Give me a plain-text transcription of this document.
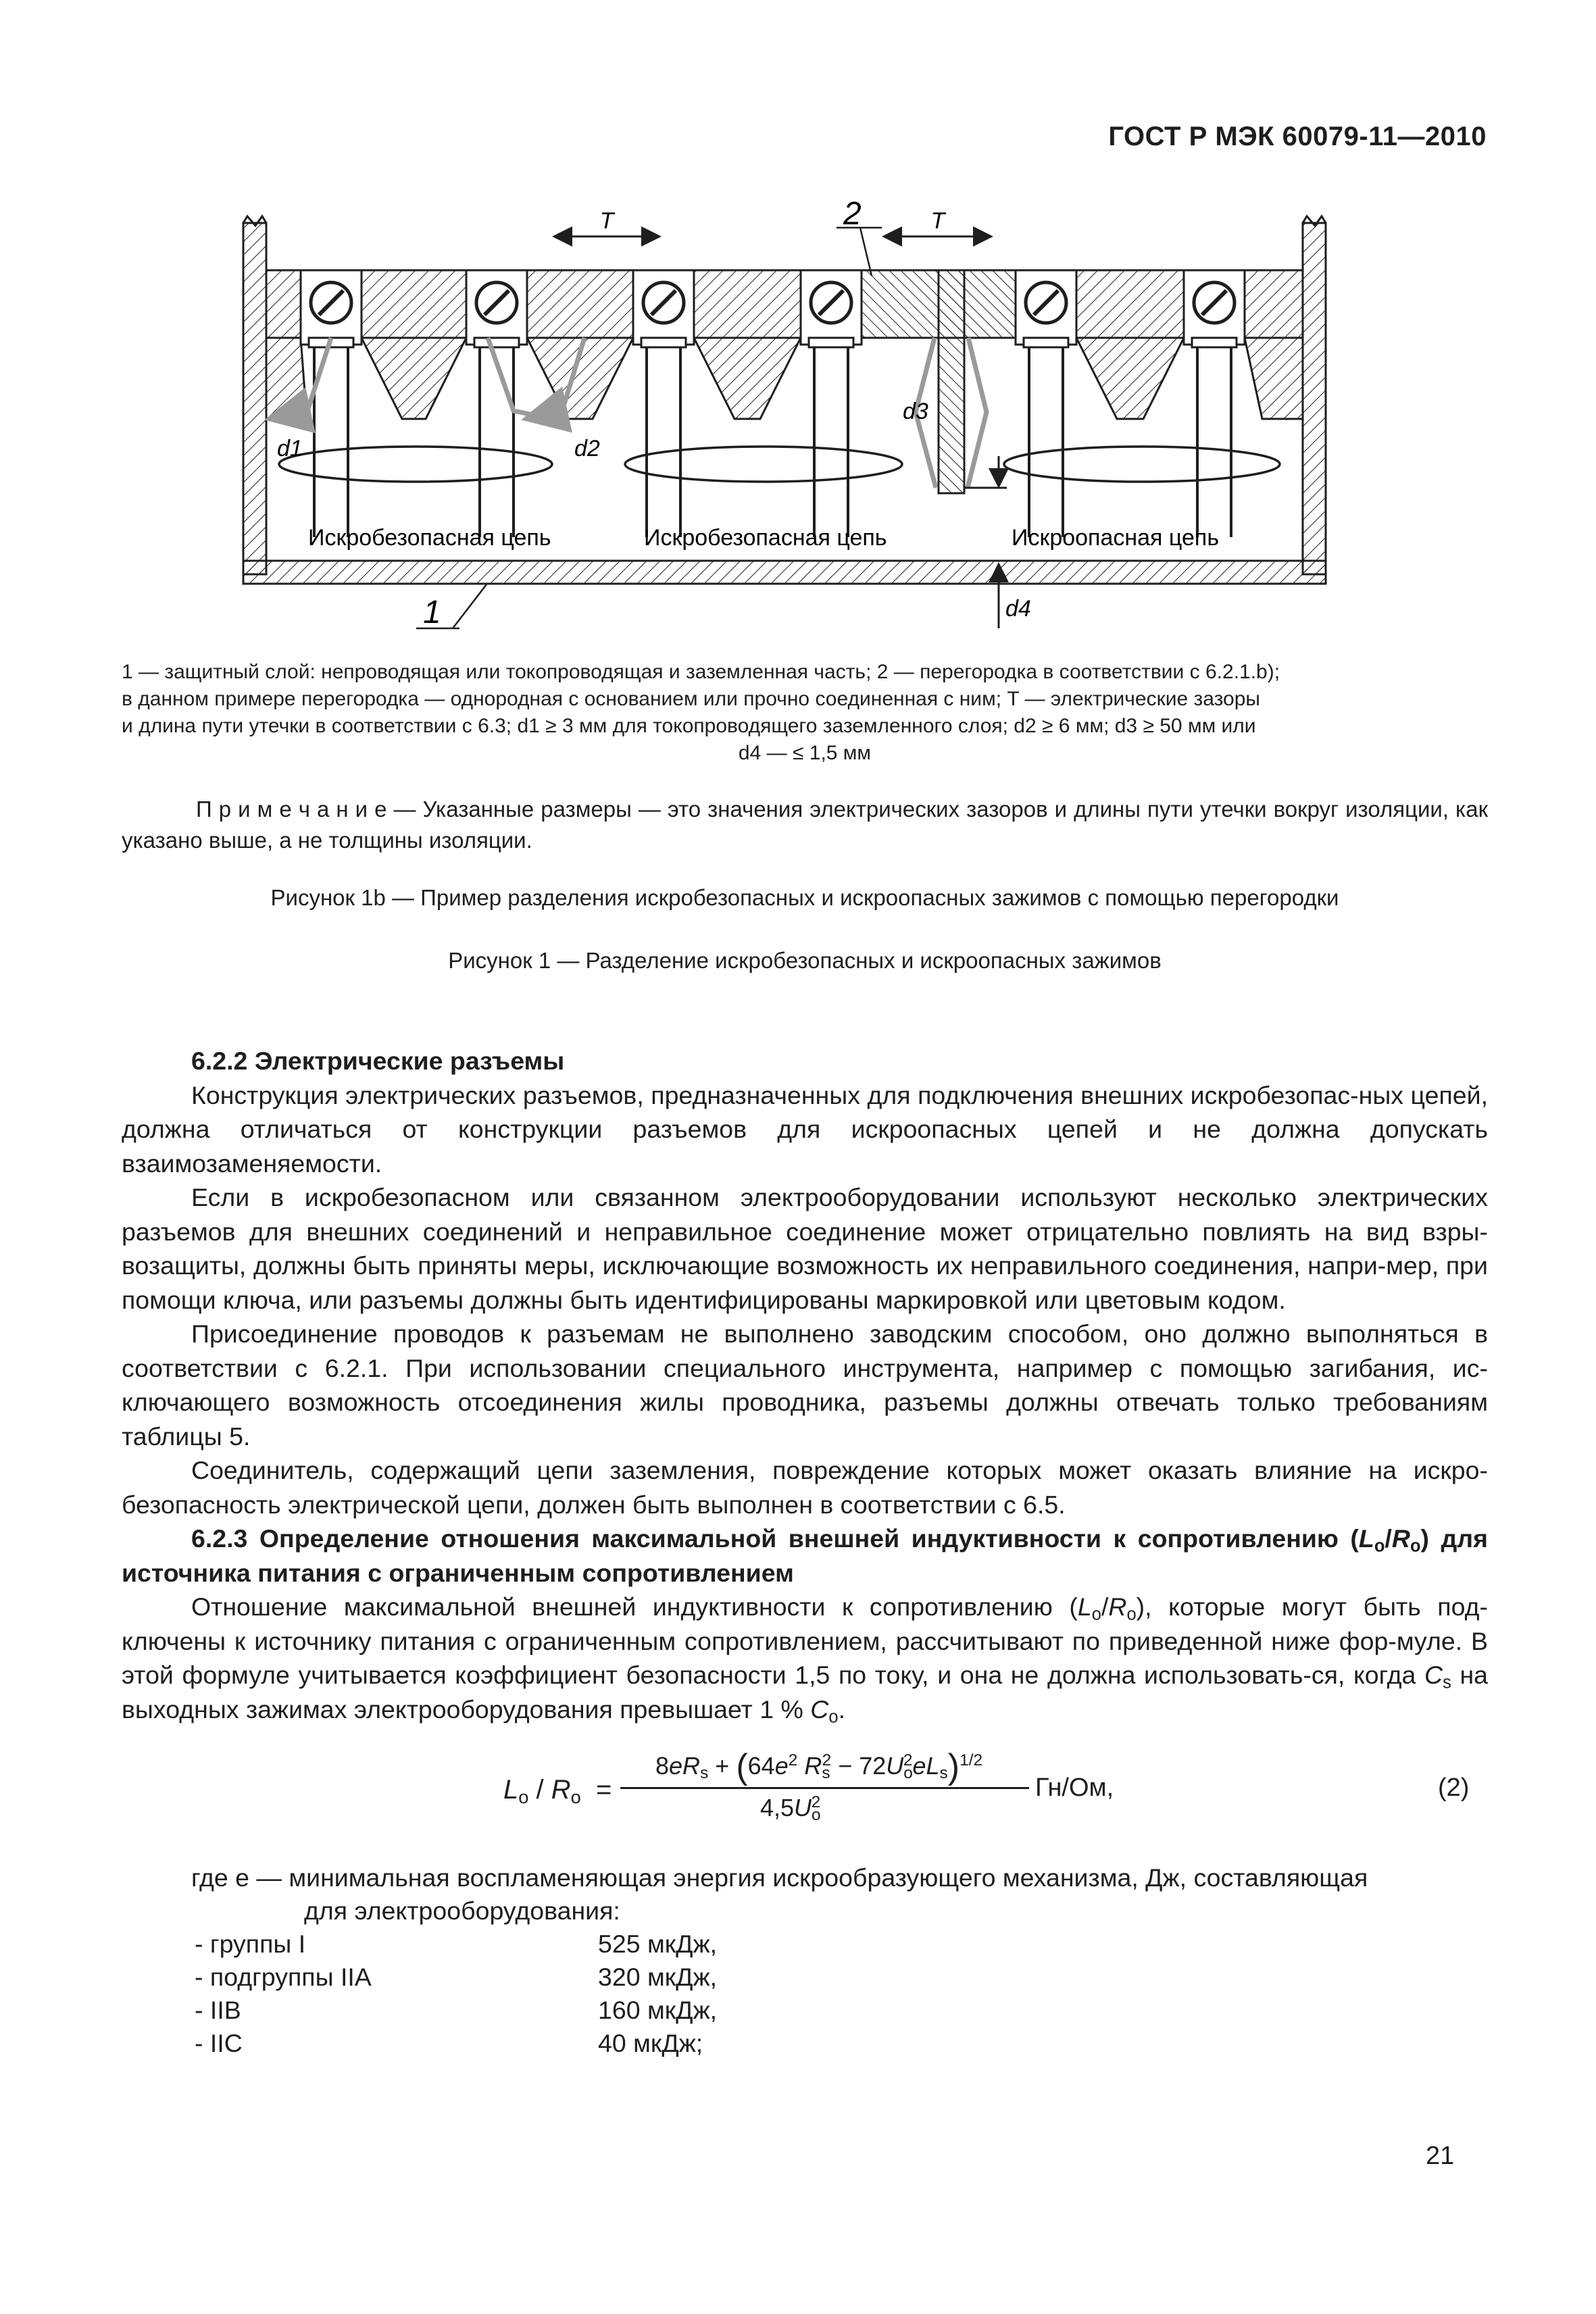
ГОСТ Р МЭК 60079-11—2010
T	T
2
1
d1	d2
d3
d4
Искробезопасная цепь	Искробезопасная цепь	Искроопасная цепь

1 — защитный слой: непроводящая или токопроводящая и заземленная часть; 2 — перегородка в соответствии с 6.2.1.b);

в данном примере перегородка — однородная с основанием или прочно соединенная с ним; T — электрические зазоры

и длина пути утечки в соответствии с 6.3; d1 ≥ 3 мм для токопроводящего заземленного слоя; d2 ≥ 6 мм; d3 ≥ 50 мм или

d4 — ≤ 1,5 мм

П р и м е ч а н и е — Указанные размеры — это значения электрических зазоров и длины пути утечки вокруг изоляции, как указано выше, а не толщины изоляции.

Рисунок 1b — Пример разделения искробезопасных и искроопасных зажимов с помощью перегородки
Рисунок 1 — Разделение искробезопасных и искроопасных зажимов

6.2.2 Электрические разъемы

Конструкция электрических разъемов, предназначенных для подключения внешних искробезопас-ных цепей, должна отличаться от конструкции разъемов для искроопасных цепей и не должна допускать взаимозаменяемости.

Если в искробезопасном или связанном электрооборудовании используют несколько электрических разъемов для внешних соединений и неправильное соединение может отрицательно повлиять на вид взры-возащиты, должны быть приняты меры, исключающие возможность их неправильного соединения, напри-мер, при помощи ключа, или разъемы должны быть идентифицированы маркировкой или цветовым кодом.

Присоединение проводов к разъемам не выполнено заводским способом, оно должно выполняться в соответствии с 6.2.1. При использовании специального инструмента, например с помощью загибания, ис-ключающего возможность отсоединения жилы проводника, разъемы должны отвечать только требованиям таблицы 5.

Соединитель, содержащий цепи заземления, повреждение которых может оказать влияние на искро-безопасность электрической цепи, должен быть выполнен в соответствии с 6.5.

6.2.3 Определение отношения максимальной внешней индуктивности к сопротивлению $(L_o/R_o)$ для источника питания с ограниченным сопротивлением

Отношение максимальной внешней индуктивности к сопротивлению $(L_o/R_o)$, которые могут быть под-ключены к источнику питания с ограниченным сопротивлением, рассчитывают по приведенной ниже фор-муле. В этой формуле учитывается коэффициент безопасности 1,5 по току, и она не должна использовать-ся, когда $C_s$ на выходных зажимах электрооборудования превышает 1 % $C_o$.

$L_o / R_o$  =
$8eR_s + (64e^2$ $R_s^2 - 72U_o^2eL_s)^{1/2}$
$4,5U_o^2$
Гн/Ом,	(2)

где e — минимальная воспламеняющая энергия искрообразующего механизма, Дж, составляющая

для электрооборудования:

- группы I	525 мкДж,
- подгруппы IIA	320 мкДж,
- IIB	160 мкДж,
- IIC	40 мкДж;
21
